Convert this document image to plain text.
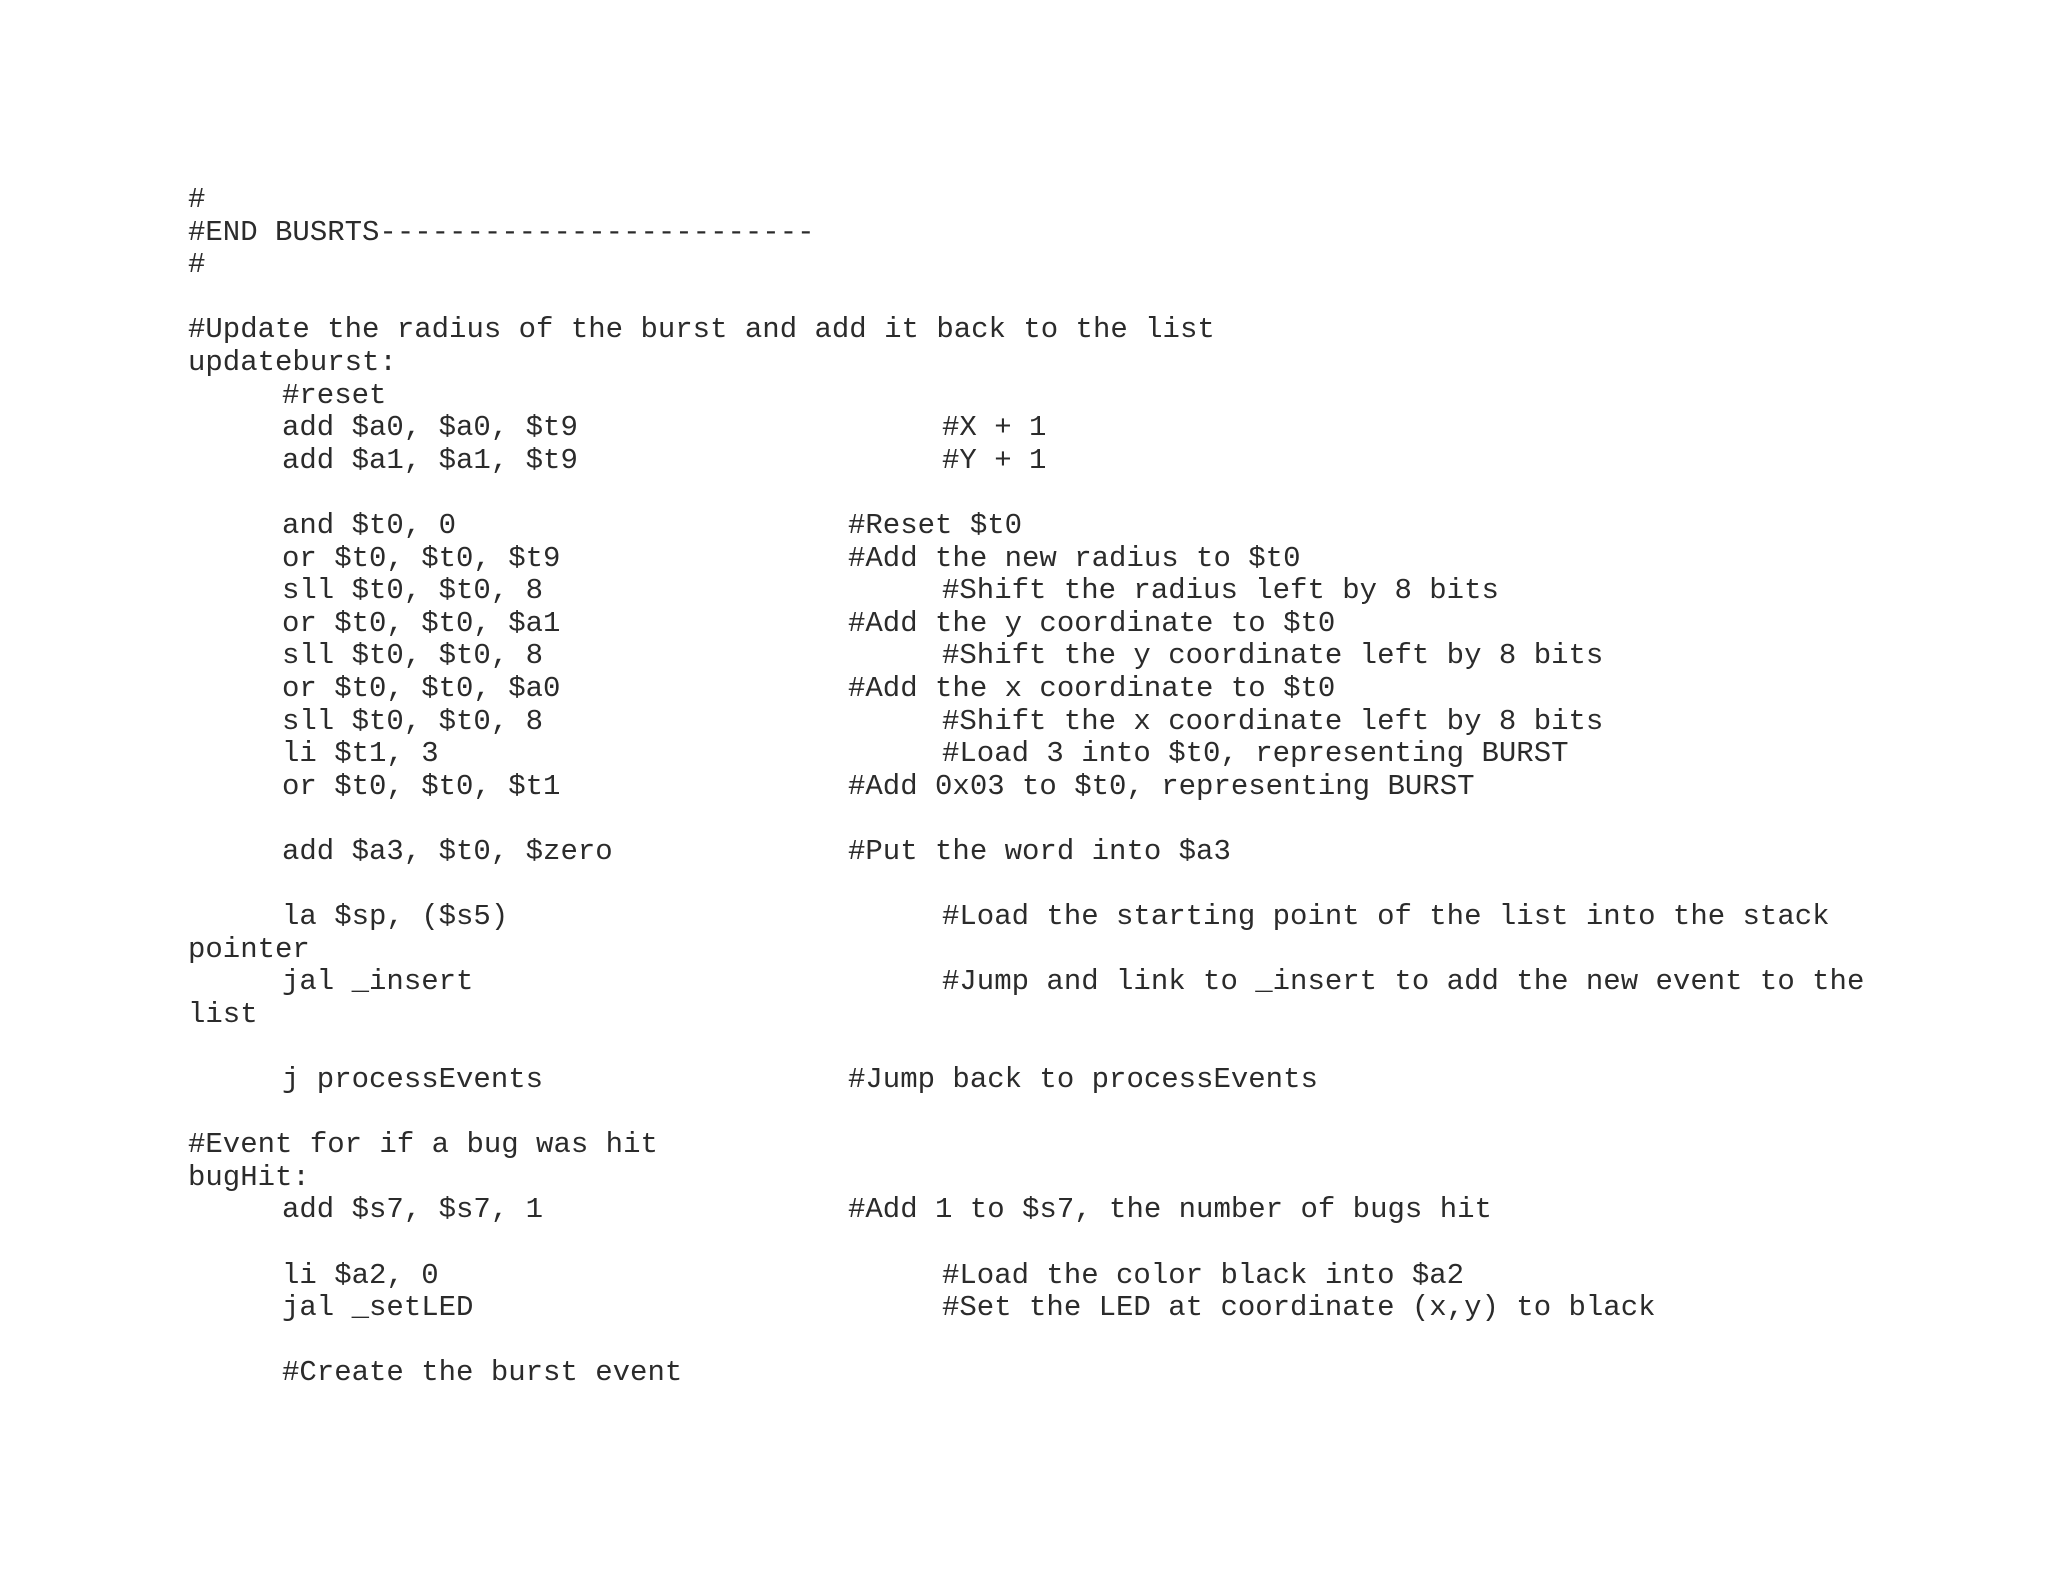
#
#END BUSRTS-------------------------
#
#Update the radius of the burst and add it back to the list
updateburst:
#reset
add $a0, $a0, $t9	#X + 1
add $a1, $a1, $t9	#Y + 1
and $t0, 0	#Reset $t0
or $t0, $t0, $t9	#Add the new radius to $t0
sll $t0, $t0, 8	#Shift the radius left by 8 bits
or $t0, $t0, $a1	#Add the y coordinate to $t0
sll $t0, $t0, 8	#Shift the y coordinate left by 8 bits
or $t0, $t0, $a0	#Add the x coordinate to $t0
sll $t0, $t0, 8	#Shift the x coordinate left by 8 bits
li $t1, 3	#Load 3 into $t0, representing BURST
or $t0, $t0, $t1	#Add 0x03 to $t0, representing BURST
add $a3, $t0, $zero	#Put the word into $a3
la $sp, ($s5)	#Load the starting point of the list into the stack
pointer
jal _insert	#Jump and link to _insert to add the new event to the
list
j processEvents	#Jump back to processEvents
#Event for if a bug was hit
bugHit:
add $s7, $s7, 1	#Add 1 to $s7, the number of bugs hit
li $a2, 0	#Load the color black into $a2
jal _setLED	#Set the LED at coordinate (x,y) to black
#Create the burst event
